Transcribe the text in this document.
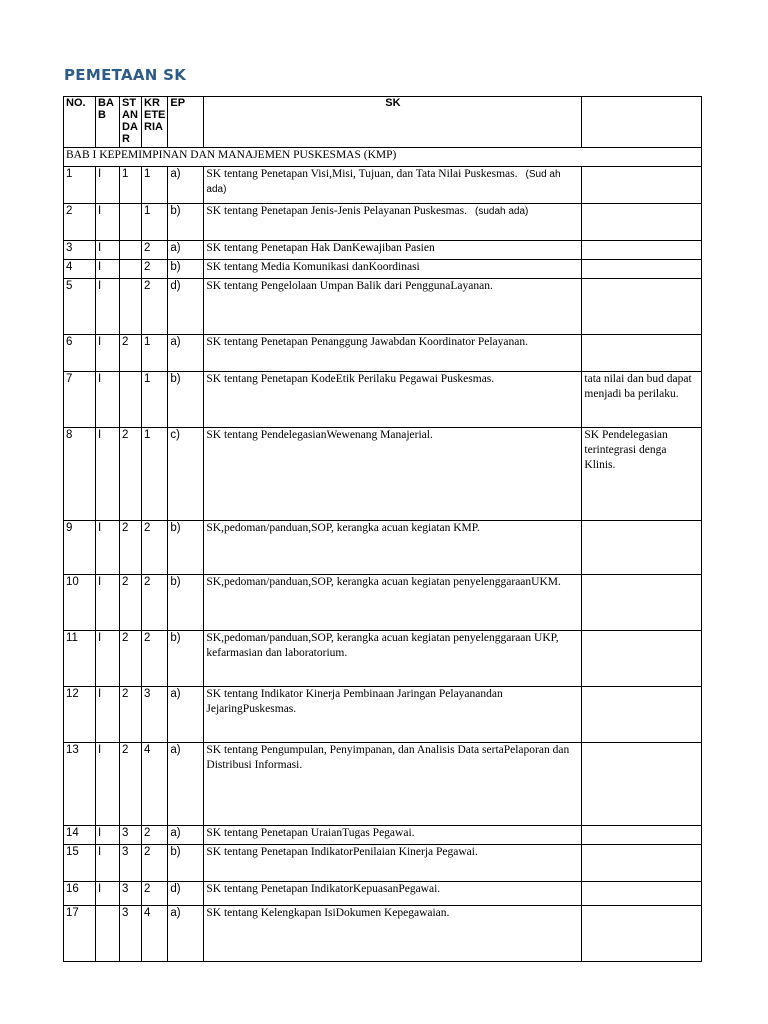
PEMETAAN SK
NO.	BA B	ST AN DA R	KR ETE RIA	EP	SK	
BAB I KEPEMIMPINAN DAN MANAJEMEN PUSKESMAS (KMP)						
1	I	1	1	a)	SK tentang Penetapan Visi,Misi, Tujuan, dan Tata Nilai Puskesmas. (Sud ah ada)	
2	I		1	b)	SK tentang Penetapan Jenis-Jenis Pelayanan Puskesmas. (sudah ada)	
3	I		2	a)	SK tentang Penetapan Hak DanKewajiban Pasien	
4	I		2	b)	SK tentang Media Komunikasi danKoordinasi	
5	I		2	d)	SK tentang Pengelolaan Umpan Balik dari PenggunaLayanan.	
6	I	2	1	a)	SK tentang Penetapan Penanggung Jawabdan Koordinator Pelayanan.	
7	I		1	b)	SK tentang Penetapan KodeEtik Perilaku Pegawai Puskesmas.	tata nilai dan bud dapat menjadi ba perilaku.
8	I	2	1	c)	SK tentang PendelegasianWewenang Manajerial.	SK Pendelegasian terintegrasi denga Klinis.
9	I	2	2	b)	SK,pedoman/panduan,SOP, kerangka acuan kegiatan KMP.	
10	I	2	2	b)	SK,pedoman/panduan,SOP, kerangka acuan kegiatan penyelenggaraanUKM.	
11	I	2	2	b)	SK,pedoman/panduan,SOP, kerangka acuan kegiatan penyelenggaraan UKP, kefarmasian dan laboratorium.	
12	I	2	3	a)	SK tentang Indikator Kinerja Pembinaan Jaringan Pelayanandan JejaringPuskesmas.	
13	I	2	4	a)	SK tentang Pengumpulan, Penyimpanan, dan Analisis Data sertaPelaporan dan Distribusi Informasi.	
14	I	3	2	a)	SK tentang Penetapan UraianTugas Pegawai.	
15	I	3	2	b)	SK tentang Penetapan IndikatorPenilaian Kinerja Pegawai.	
16	I	3	2	d)	SK tentang Penetapan IndikatorKepuasanPegawai.	
17		3	4	a)	SK tentang Kelengkapan IsiDokumen Kepegawaian.	
